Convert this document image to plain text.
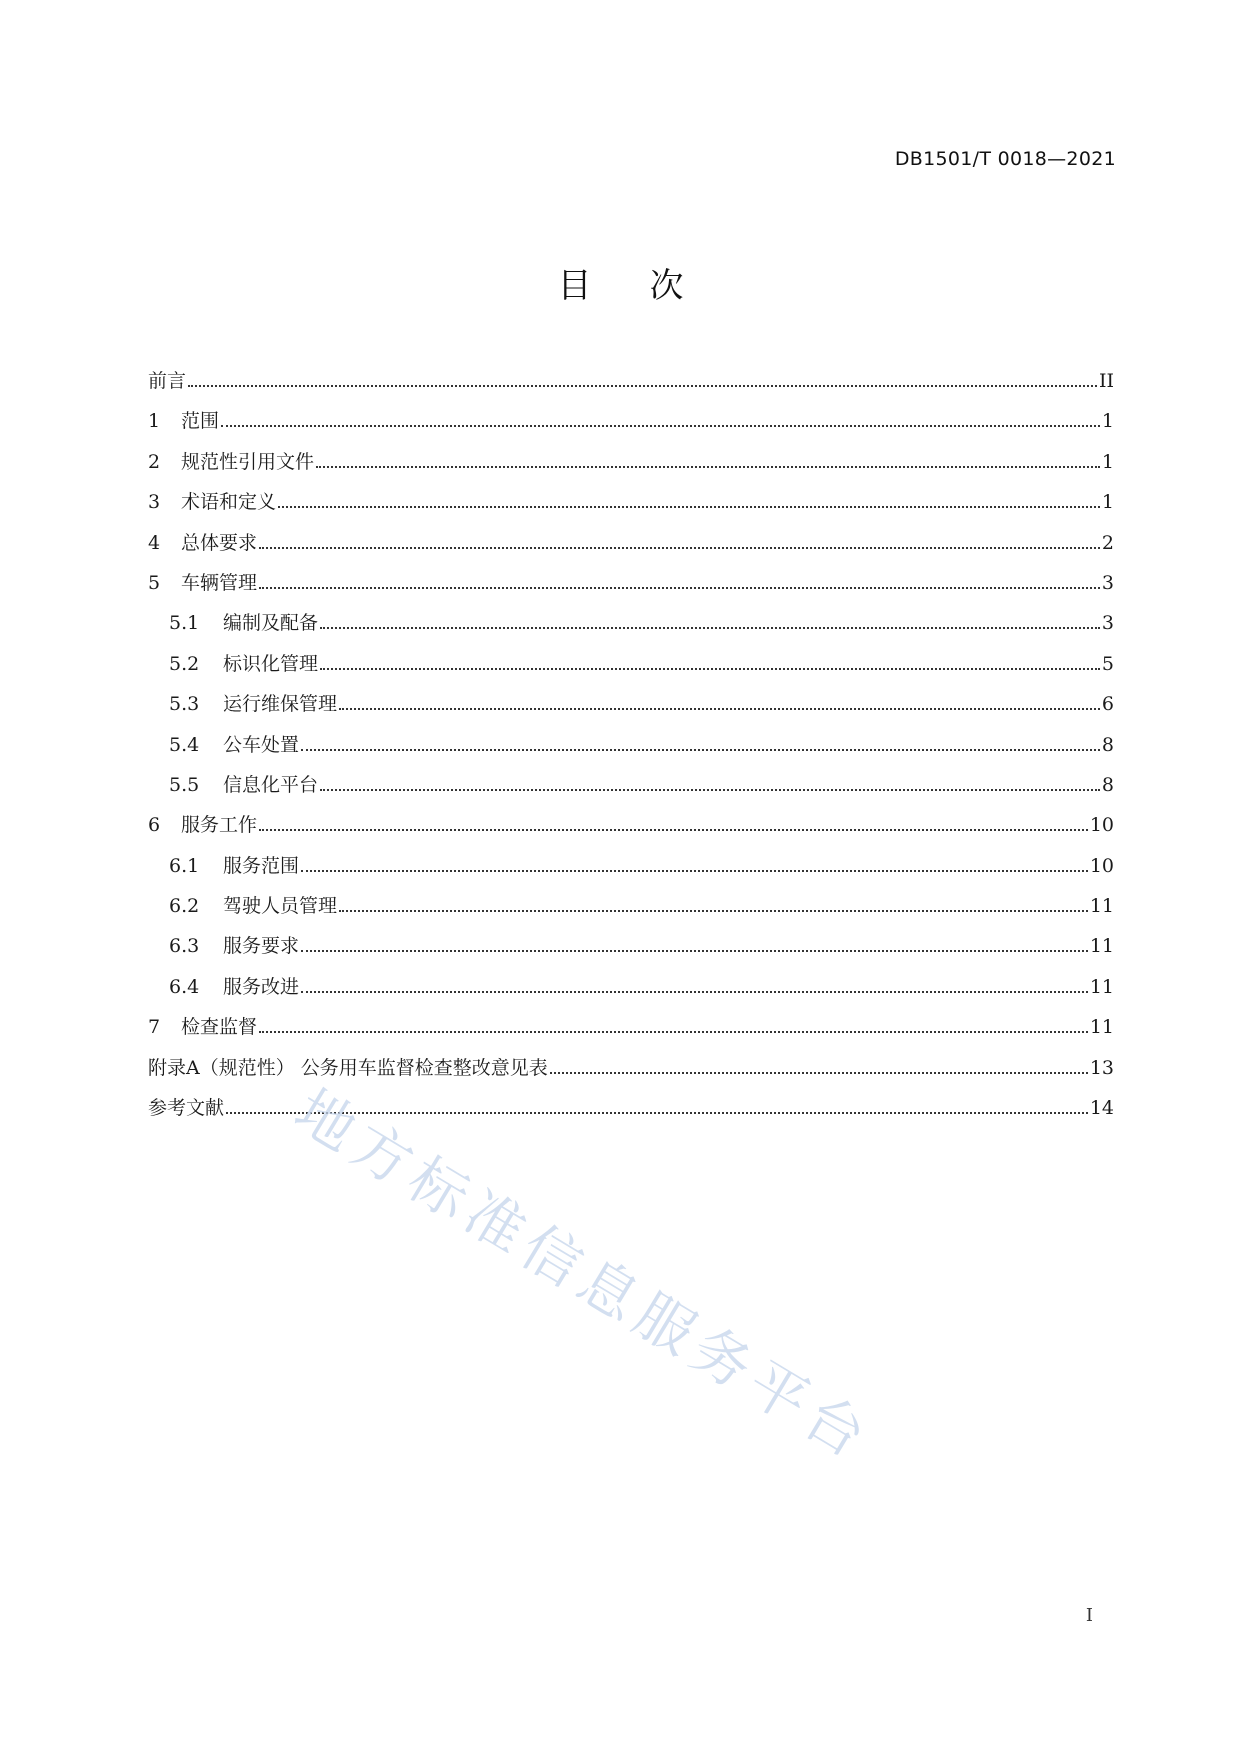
DB1501/T 0018—2021
目次
前言	II
1	范围	1
2	规范性引用文件	1
3	术语和定义	1
4	总体要求	2
5	车辆管理	3
5.1	编制及配备	3
5.2	标识化管理	5
5.3	运行维保管理	6
5.4	公车处置	8
5.5	信息化平台	8
6	服务工作	10
6.1	服务范围	10
6.2	驾驶人员管理	11
6.3	服务要求	11
6.4	服务改进	11
7	检查监督	11
附录A（规范性） 公务用车监督检查整改意见表	13
参考文献	14
地方标准信息服务平台
I
